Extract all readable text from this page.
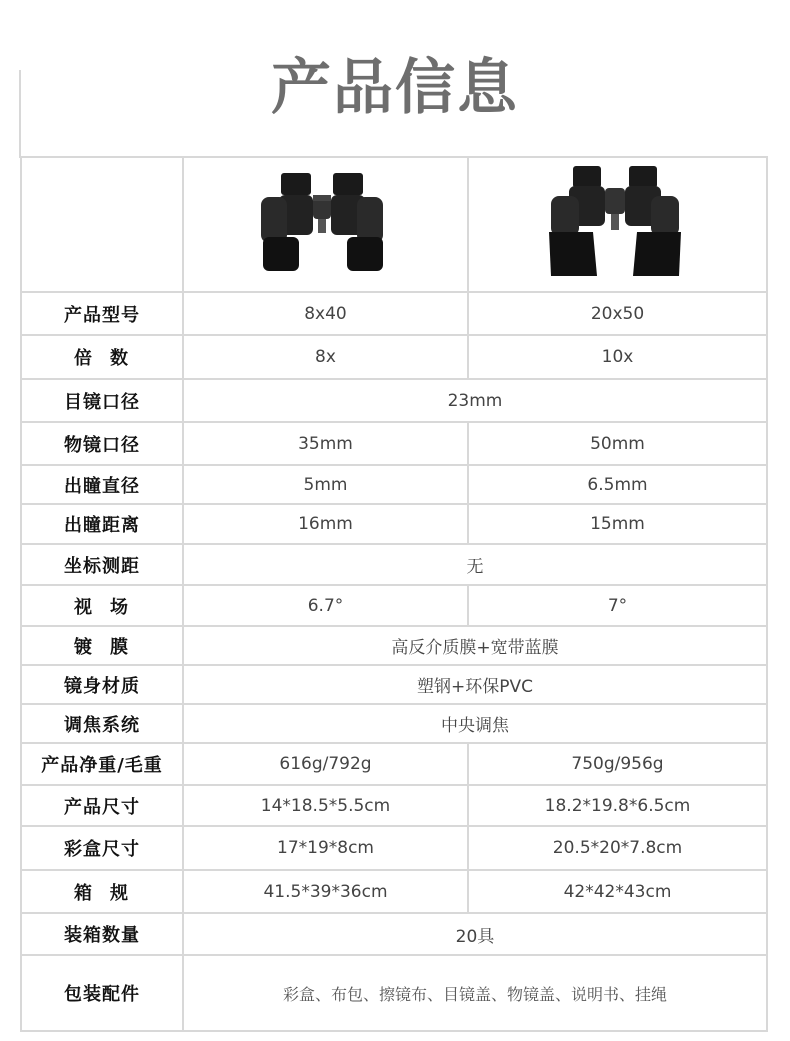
产品信息

产品型号	8x40	20x50
倍数	8x	10x
目镜口径	23mm	
物镜口径	35mm	50mm
出瞳直径	5mm	6.5mm
出瞳距离	16mm	15mm
坐标测距	无	
视场	6.7°	7°
镀膜	高反介质膜+宽带蓝膜	
镜身材质	塑钢+环保PVC	
调焦系统	中央调焦	
产品净重/毛重	616g/792g	750g/956g
产品尺寸	14*18.5*5.5cm	18.2*19.8*6.5cm
彩盒尺寸	17*19*8cm	20.5*20*7.8cm
箱规	41.5*39*36cm	42*42*43cm
装箱数量	20具	
包装配件	彩盒、布包、擦镜布、目镜盖、物镜盖、说明书、挂绳	
